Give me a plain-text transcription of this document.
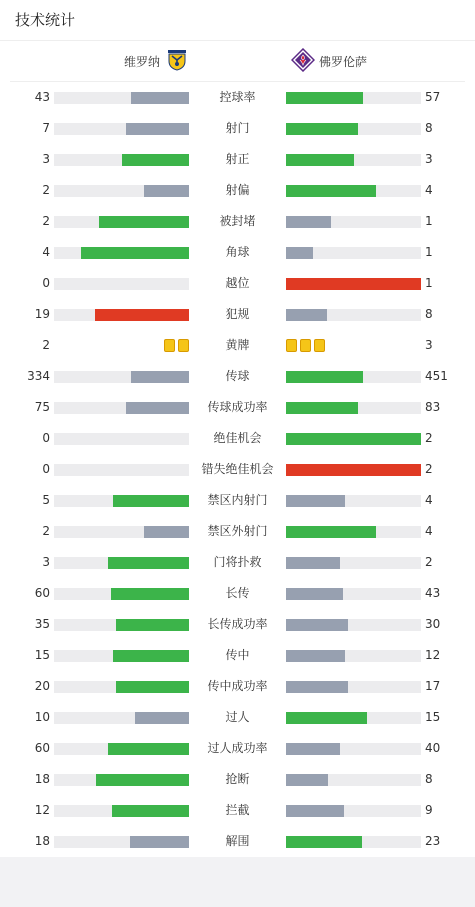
技术统计
维罗纳	佛罗伦萨
43	控球率	57
7	射门	8
3	射正	3
2	射偏	4
2	被封堵	1
4	角球	1
0	越位	1
19	犯规	8
2	黄牌	3
334	传球	451
75	传球成功率	83
0	绝佳机会	2
0	错失绝佳机会	2
5	禁区内射门	4
2	禁区外射门	4
3	门将扑救	2
60	长传	43
35	长传成功率	30
15	传中	12
20	传中成功率	17
10	过人	15
60	过人成功率	40
18	抢断	8
12	拦截	9
18	解围	23
